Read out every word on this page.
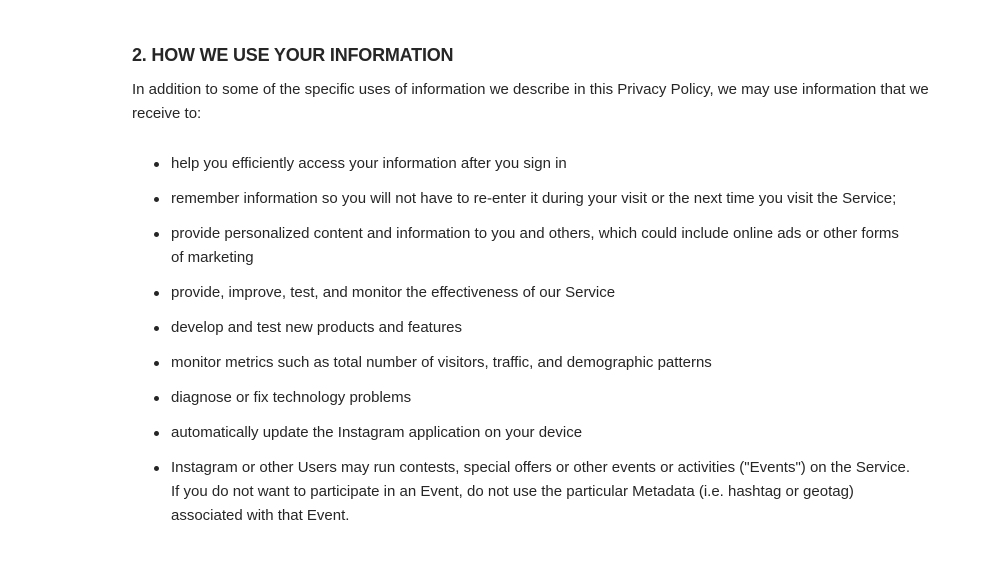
2. HOW WE USE YOUR INFORMATION

In addition to some of the specific uses of information we describe in this Privacy Policy, we may use information that we receive to:

help you efficiently access your information after you sign in
remember information so you will not have to re-enter it during your visit or the next time you visit the Service;
provide personalized content and information to you and others, which could include online ads or other forms of marketing
provide, improve, test, and monitor the effectiveness of our Service
develop and test new products and features
monitor metrics such as total number of visitors, traffic, and demographic patterns
diagnose or fix technology problems
automatically update the Instagram application on your device
Instagram or other Users may run contests, special offers or other events or activities ("Events") on the Service. If you do not want to participate in an Event, do not use the particular Metadata (i.e. hashtag or geotag) associated with that Event.
